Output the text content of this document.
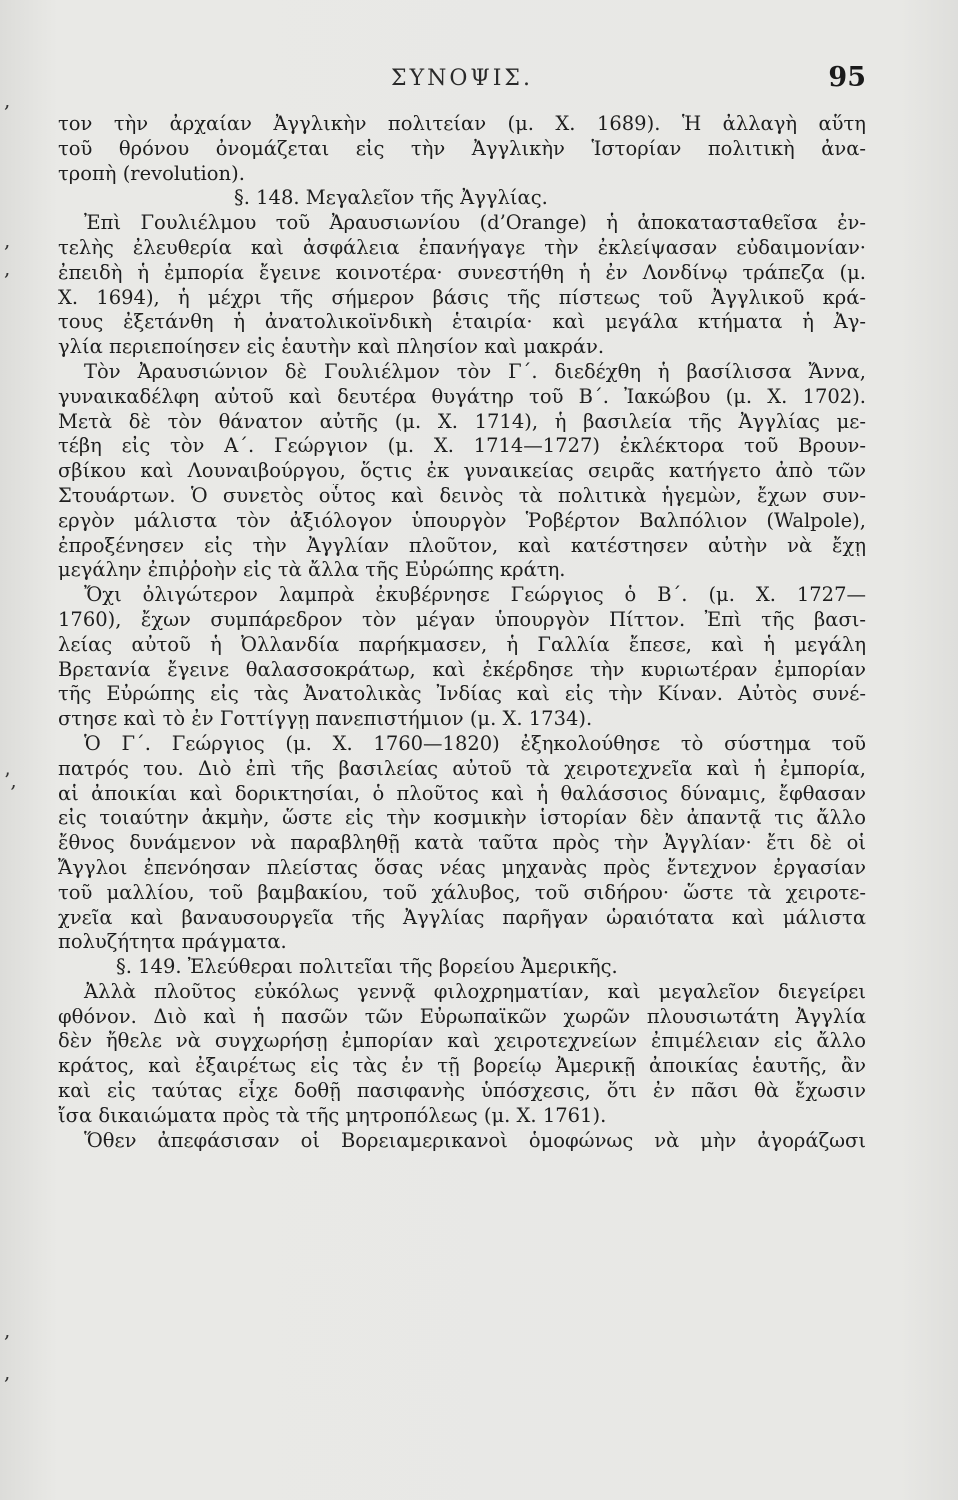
ΣΥΝΟΨΙΣ.	95
,
,
,
’,
,
,
τον τὴν ἀρχαίαν Ἀγγλικὴν πολιτείαν (μ. Χ. 1689). Ἡ ἀλλαγὴ αὕτη
τοῦ θρόνου ὀνομάζεται εἰς τὴν Ἀγγλικὴν Ἱστορίαν πολιτικὴ ἀνα-
τροπὴ (revolution).
§. 148. Μεγαλεῖον τῆς Ἀγγλίας.
Ἐπὶ Γουλιέλμου τοῦ Ἀραυσιωνίου (d’Orange) ἡ ἀποκατασταθεῖσα ἐν-
τελὴς ἐλευθερία καὶ ἀσφάλεια ἐπανήγαγε τὴν ἐκλείψασαν εὐδαιμονίαν·
ἐπειδὴ ἡ ἐμπορία ἔγεινε κοινοτέρα· συνεστήθη ἡ ἐν Λονδίνῳ τράπεζα (μ.
Χ. 1694), ἡ μέχρι τῆς σήμερον βάσις τῆς πίστεως τοῦ Ἀγγλικοῦ κρά-
τους ἐξετάνθη ἡ ἀνατολικοϊνδικὴ ἑταιρία· καὶ μεγάλα κτήματα ἡ Ἀγ-
γλία περιεποίησεν εἰς ἑαυτὴν καὶ πλησίον καὶ μακράν.
Τὸν Ἀραυσιώνιον δὲ Γουλιέλμον τὸν Γ΄. διεδέχθη ἡ βασίλισσα Ἄννα,
γυναικαδέλφη αὐτοῦ καὶ δευτέρα θυγάτηρ τοῦ Β΄. Ἰακώβου (μ. Χ. 1702).
Μετὰ δὲ τὸν θάνατον αὐτῆς (μ. Χ. 1714), ἡ βασιλεία τῆς Ἀγγλίας με-
τέβη εἰς τὸν Α΄. Γεώργιον (μ. Χ. 1714—1727) ἐκλέκτορα τοῦ Βρουν-
σβίκου καὶ Λουναιβούργου, ὅςτις ἐκ γυναικείας σειρᾶς κατήγετο ἀπὸ τῶν
Στουάρτων. Ὁ συνετὸς οὗτος καὶ δεινὸς τὰ πολιτικὰ ἡγεμὼν, ἔχων συν-
εργὸν μάλιστα τὸν ἀξιόλογον ὑπουργὸν Ῥοβέρτον Βαλπόλιον (Walpole),
ἐπροξένησεν εἰς τὴν Ἀγγλίαν πλοῦτον, καὶ κατέστησεν αὐτὴν νὰ ἔχῃ
μεγάλην ἐπιῤῥοὴν εἰς τὰ ἄλλα τῆς Εὐρώπης κράτη.
Ὄχι ὀλιγώτερον λαμπρὰ ἐκυβέρνησε Γεώργιος ὁ Β΄. (μ. Χ. 1727—
1760), ἔχων συμπάρεδρον τὸν μέγαν ὑπουργὸν Πίττον. Ἐπὶ τῆς βασι-
λείας αὐτοῦ ἡ Ὀλλανδία παρήκμασεν, ἡ Γαλλία ἔπεσε, καὶ ἡ μεγάλη
Βρετανία ἔγεινε θαλασσοκράτωρ, καὶ ἐκέρδησε τὴν κυριωτέραν ἐμπορίαν
τῆς Εὐρώπης εἰς τὰς Ἀνατολικὰς Ἰνδίας καὶ εἰς τὴν Κίναν. Αὐτὸς συνέ-
στησε καὶ τὸ ἐν Γοττίγγῃ πανεπιστήμιον (μ. Χ. 1734).
Ὁ Γ΄. Γεώργιος (μ. Χ. 1760—1820) ἐξηκολούθησε τὸ σύστημα τοῦ
πατρός του. Διὸ ἐπὶ τῆς βασιλείας αὐτοῦ τὰ χειροτεχνεῖα καὶ ἡ ἐμπορία,
αἱ ἀποικίαι καὶ δορικτησίαι, ὁ πλοῦτος καὶ ἡ θαλάσσιος δύναμις, ἔφθασαν
εἰς τοιαύτην ἀκμὴν, ὥστε εἰς τὴν κοσμικὴν ἱστορίαν δὲν ἀπαντᾷ τις ἄλλο
ἔθνος δυνάμενον νὰ παραβληθῇ κατὰ ταῦτα πρὸς τὴν Ἀγγλίαν· ἔτι δὲ οἱ
Ἄγγλοι ἐπενόησαν πλείστας ὅσας νέας μηχανὰς πρὸς ἔντεχνον ἐργασίαν
τοῦ μαλλίου, τοῦ βαμβακίου, τοῦ χάλυβος, τοῦ σιδήρου· ὥστε τὰ χειροτε-
χνεῖα καὶ βαναυσουργεῖα τῆς Ἀγγλίας παρῆγαν ὡραιότατα καὶ μάλιστα
πολυζήτητα πράγματα.
§. 149. Ἐλεύθεραι πολιτεῖαι τῆς βορείου Ἀμερικῆς.
Ἀλλὰ πλοῦτος εὐκόλως γεννᾷ φιλοχρηματίαν, καὶ μεγαλεῖον διεγείρει
φθόνον. Διὸ καὶ ἡ πασῶν τῶν Εὐρωπαϊκῶν χωρῶν πλουσιωτάτη Ἀγγλία
δὲν ἤθελε νὰ συγχωρήσῃ ἐμπορίαν καὶ χειροτεχνείων ἐπιμέλειαν εἰς ἄλλο
κράτος, καὶ ἐξαιρέτως εἰς τὰς ἐν τῇ βορείῳ Ἀμερικῇ ἀποικίας ἑαυτῆς, ἂν
καὶ εἰς ταύτας εἶχε δοθῇ πασιφανὴς ὑπόσχεσις, ὅτι ἐν πᾶσι θὰ ἔχωσιν
ἴσα δικαιώματα πρὸς τὰ τῆς μητροπόλεως (μ. Χ. 1761).
Ὅθεν ἀπεφάσισαν οἱ Βορειαμερικανοὶ ὁμοφώνως νὰ μὴν ἀγοράζωσι
